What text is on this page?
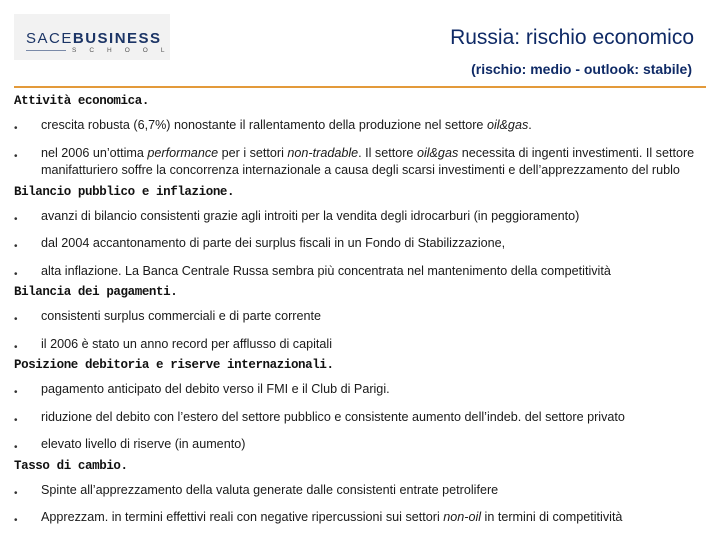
SACEBUSINESS
SCHOOL
Russia: rischio economico
(rischio: medio - outlook: stabile)
Attività economica.
• crescita robusta (6,7%) nonostante il rallentamento della produzione nel settore oil&gas.
• nel 2006 un’ottima performance per i settori non-tradable. Il settore oil&gas necessita di ingenti investimenti. Il settore manifatturiero soffre la concorrenza internazionale a causa degli scarsi investimenti e dell’apprezzamento del rublo
Bilancio pubblico e inflazione.
• avanzi di bilancio consistenti grazie agli introiti per la vendita degli idrocarburi (in peggioramento)
• dal 2004 accantonamento di parte dei surplus fiscali in un Fondo di Stabilizzazione,
• alta inflazione. La Banca Centrale Russa sembra più concentrata nel mantenimento della competitività
Bilancia dei pagamenti.
• consistenti surplus commerciali e di parte corrente
• il 2006 è stato un anno record per afflusso di capitali
Posizione debitoria e riserve internazionali.
• pagamento anticipato del debito verso il FMI e il Club di Parigi.
• riduzione del debito con l’estero del settore pubblico e consistente aumento dell’indeb. del settore privato
• elevato livello di riserve (in aumento)
Tasso di cambio.
• Spinte all’apprezzamento della valuta generate dalle consistenti entrate petrolifere
• Apprezzam. in termini effettivi reali con negative ripercussioni sui settori non-oil in termini di competitività
